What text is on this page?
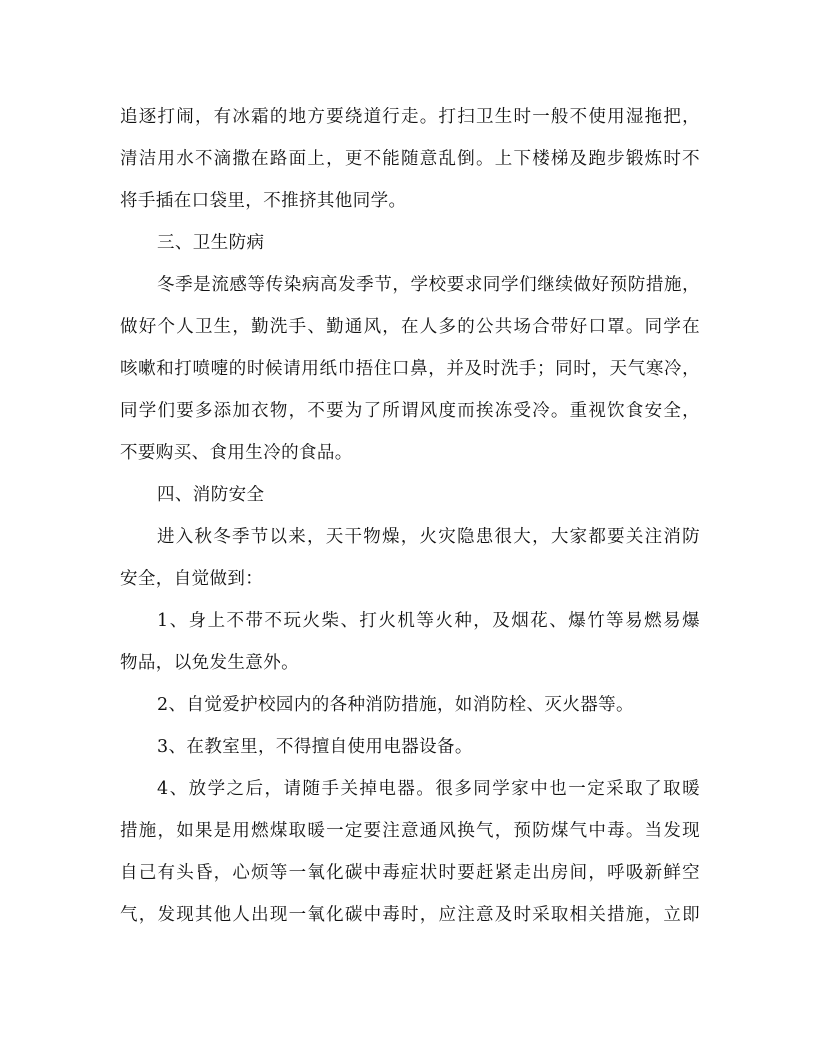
追逐打闹，有冰霜的地方要绕道行走。打扫卫生时一般不使用湿拖把，
清洁用水不滴撒在路面上，更不能随意乱倒。上下楼梯及跑步锻炼时不
将手插在口袋里，不推挤其他同学。
三、卫生防病
冬季是流感等传染病高发季节，学校要求同学们继续做好预防措施，
做好个人卫生，勤洗手、勤通风，在人多的公共场合带好口罩。同学在
咳嗽和打喷嚏的时候请用纸巾捂住口鼻，并及时洗手；同时，天气寒冷，
同学们要多添加衣物，不要为了所谓风度而挨冻受冷。重视饮食安全，
不要购买、食用生冷的食品。
四、消防安全
进入秋冬季节以来，天干物燥，火灾隐患很大，大家都要关注消防
安全，自觉做到：
1、身上不带不玩火柴、打火机等火种，及烟花、爆竹等易燃易爆
物品，以免发生意外。
2、自觉爱护校园内的各种消防措施，如消防栓、灭火器等。
3、在教室里，不得擅自使用电器设备。
4、放学之后，请随手关掉电器。很多同学家中也一定采取了取暖
措施，如果是用燃煤取暖一定要注意通风换气，预防煤气中毒。当发现
自己有头昏，心烦等一氧化碳中毒症状时要赶紧走出房间，呼吸新鲜空
气，发现其他人出现一氧化碳中毒时，应注意及时采取相关措施，立即
